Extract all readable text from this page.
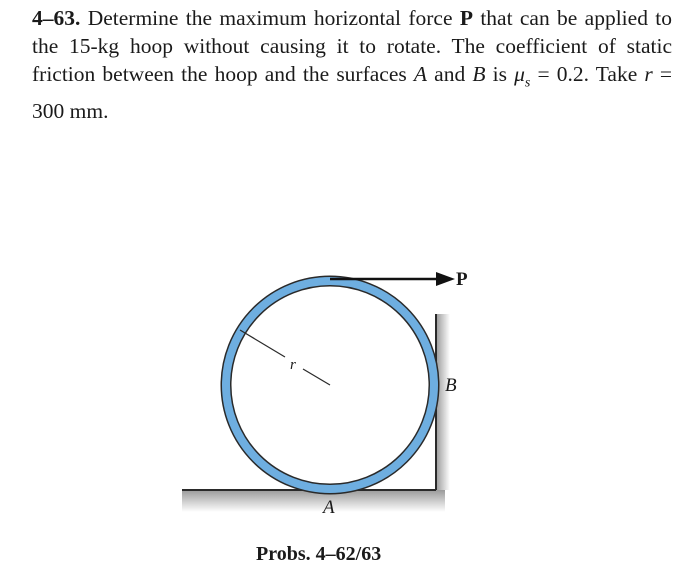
4–63. Determine the maximum horizontal force P that can be applied to the 15-kg hoop without causing it to rotate. The coefficient of static friction between the hoop and the surfaces A and B is $\mu_s = 0.2$. Take r = 300 mm.
r
P
B
A
Probs. 4–62/63
